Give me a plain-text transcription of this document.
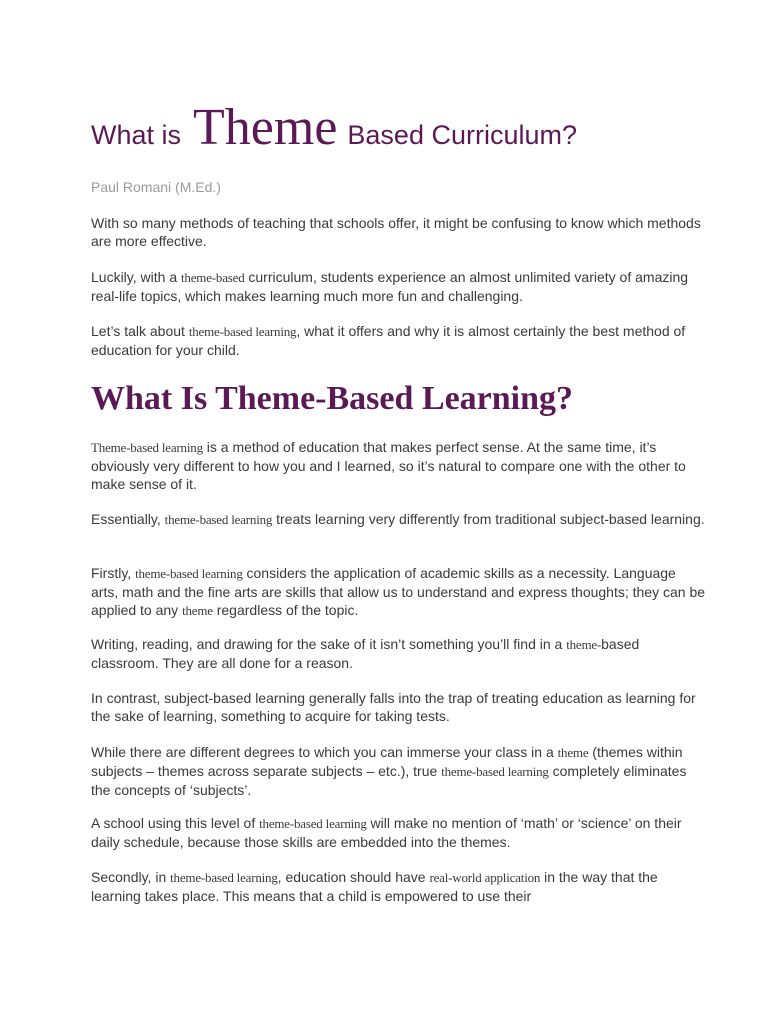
What is Theme Based Curriculum?
Paul Romani (M.Ed.)

With so many methods of teaching that schools offer, it might be confusing to know which methods are more effective.

Luckily, with a theme-based curriculum, students experience an almost unlimited variety of amazing real-life topics, which makes learning much more fun and challenging.

Let’s talk about theme-based learning, what it offers and why it is almost certainly the best method of education for your child.

What Is Theme-Based Learning?

Theme-based learning is a method of education that makes perfect sense. At the same time, it’s obviously very different to how you and I learned, so it’s natural to compare one with the other to make sense of it.

Essentially, theme-based learning treats learning very differently from traditional subject-based learning.

Firstly, theme-based learning considers the application of academic skills as a necessity. Language arts, math and the fine arts are skills that allow us to understand and express thoughts; they can be applied to any theme regardless of the topic.

Writing, reading, and drawing for the sake of it isn’t something you’ll find in a theme-based classroom. They are all done for a reason.

In contrast, subject-based learning generally falls into the trap of treating education as learning for the sake of learning, something to acquire for taking tests.

While there are different degrees to which you can immerse your class in a theme (themes within subjects – themes across separate subjects – etc.), true theme-based learning completely eliminates the concepts of ‘subjects’.

A school using this level of theme-based learning will make no mention of ‘math’ or ‘science’ on their daily schedule, because those skills are embedded into the themes.

Secondly, in theme-based learning, education should have real-world application in the way that the learning takes place. This means that a child is empowered to use their
